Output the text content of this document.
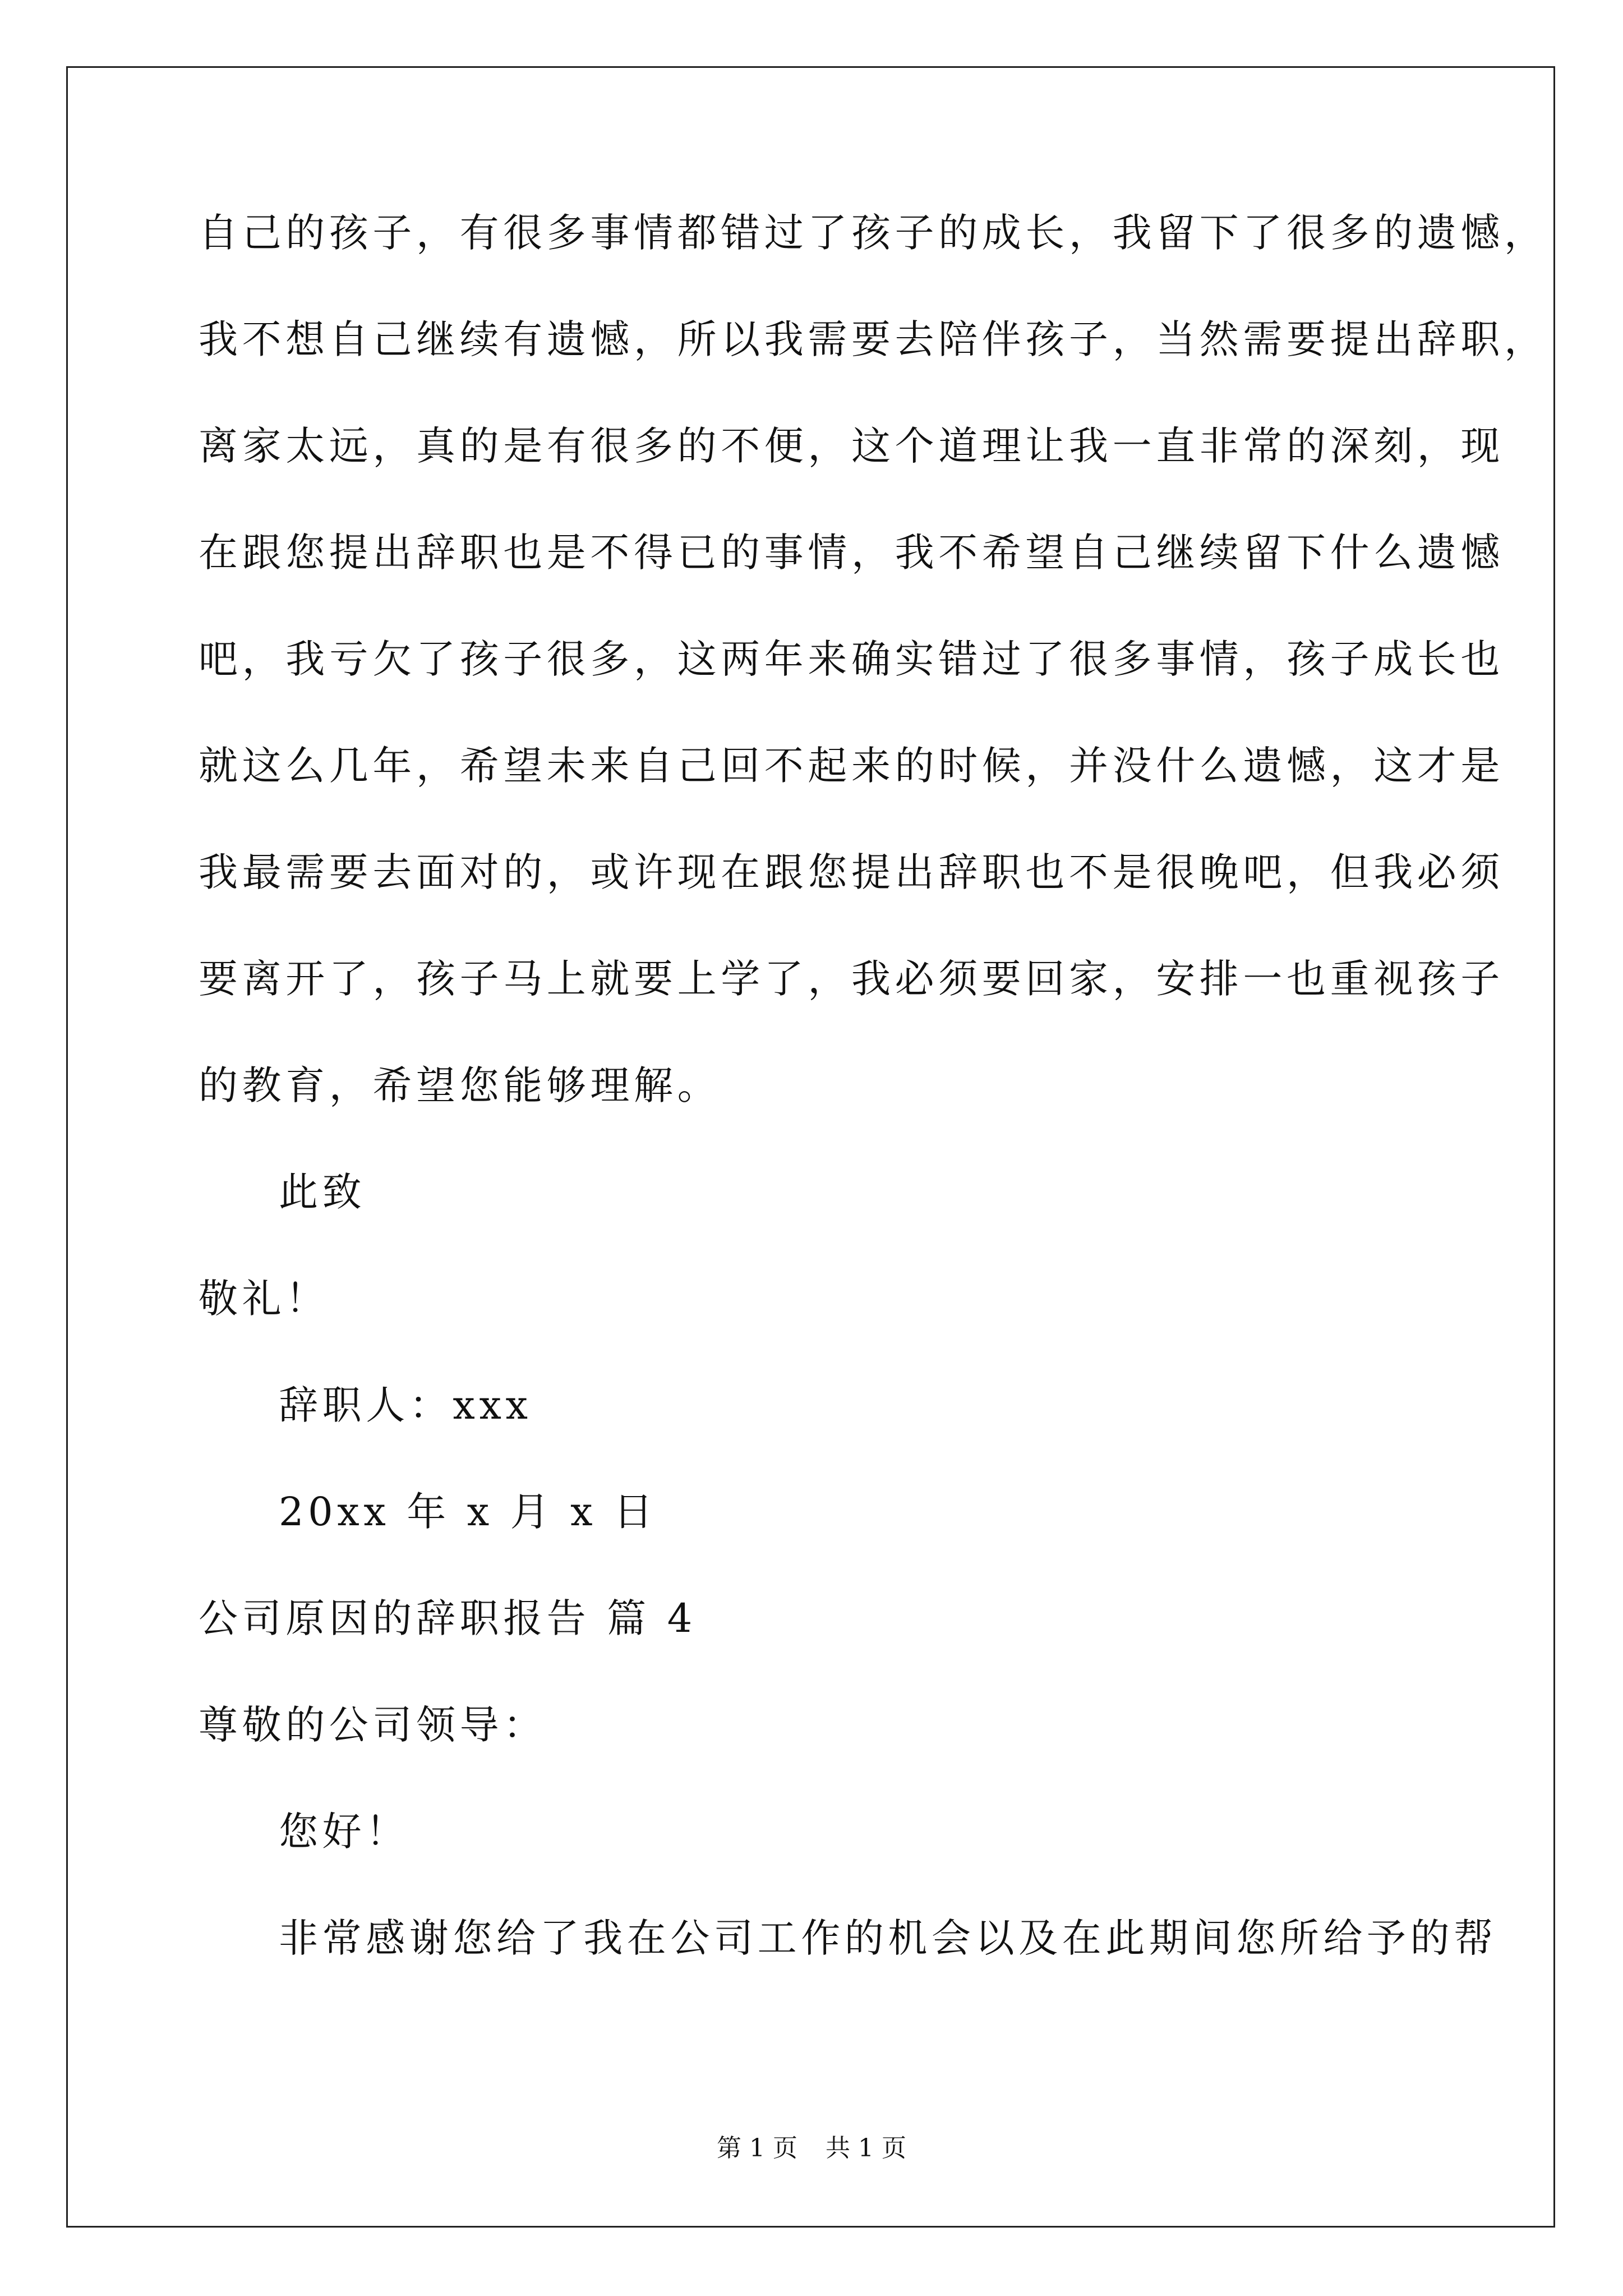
自己的孩子，有很多事情都错过了孩子的成长，我留下了很多的遗憾，
我不想自己继续有遗憾，所以我需要去陪伴孩子，当然需要提出辞职，
离家太远，真的是有很多的不便，这个道理让我一直非常的深刻，现
在跟您提出辞职也是不得已的事情，我不希望自己继续留下什么遗憾
吧，我亏欠了孩子很多，这两年来确实错过了很多事情，孩子成长也
就这么几年，希望未来自己回不起来的时候，并没什么遗憾，这才是
我最需要去面对的，或许现在跟您提出辞职也不是很晚吧，但我必须
要离开了，孩子马上就要上学了，我必须要回家，安排一也重视孩子
的教育，希望您能够理解。
此致
敬礼！
辞职人：xxx
20xx 年 x 月 x 日
公司原因的辞职报告 篇 4
尊敬的公司领导：
您好！
非常感谢您给了我在公司工作的机会以及在此期间您所给予的帮
第 1 页 共 1 页
